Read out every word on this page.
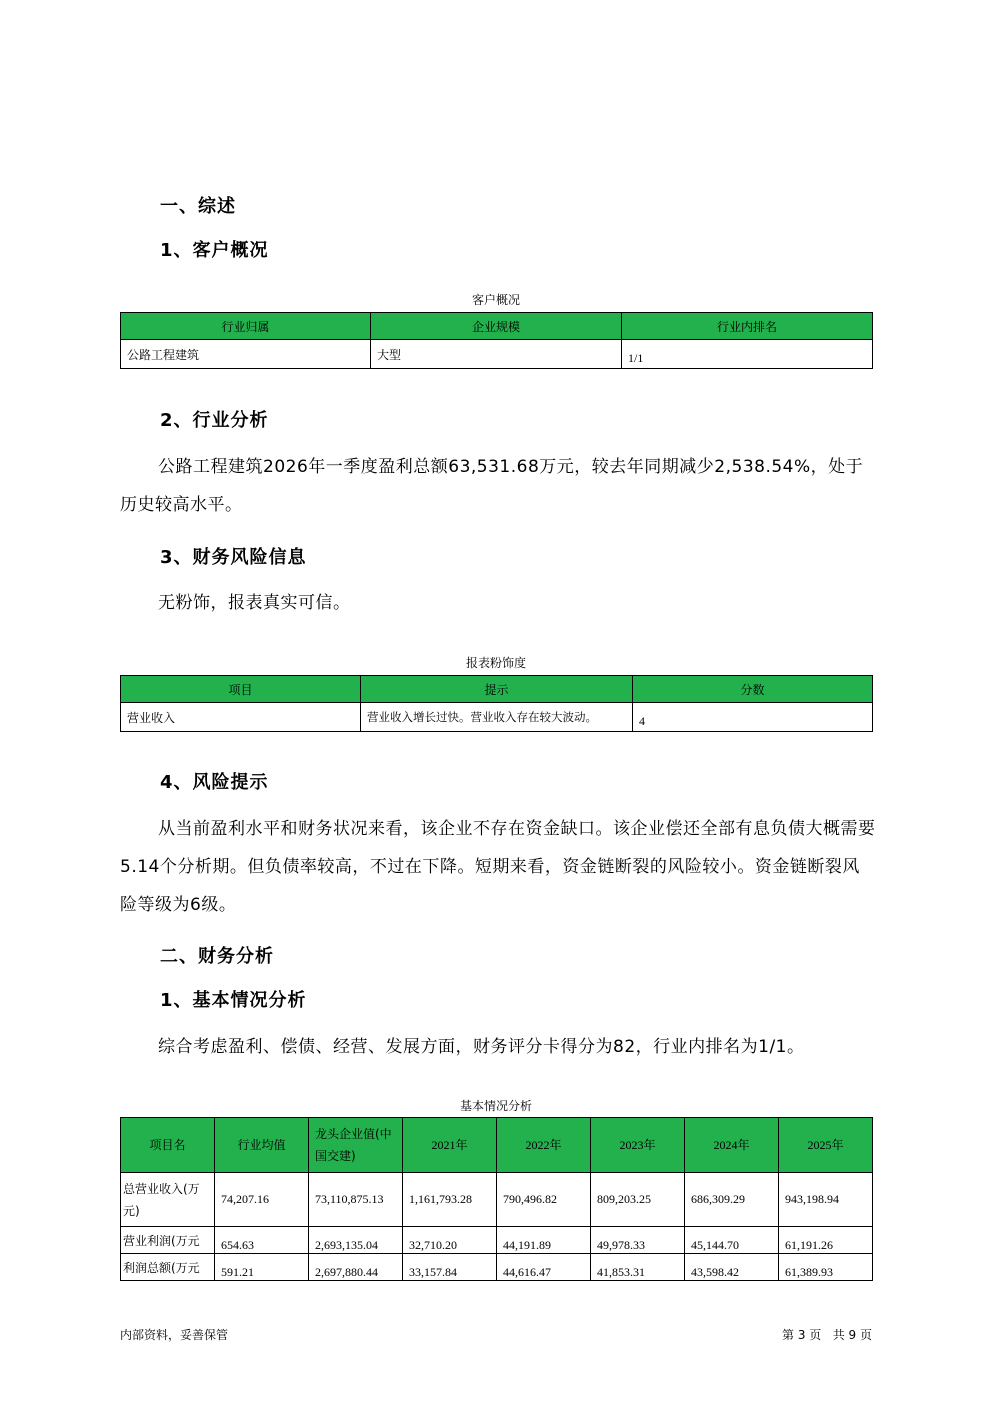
一、综述
1、客户概况
客户概况
行业归属	企业规模	行业内排名
公路工程建筑	大型	1/1
2、行业分析
公路工程建筑2026年一季度盈利总额63,531.68万元，较去年同期减少2,538.54%，处于历史较高水平。
3、财务风险信息
无粉饰，报表真实可信。
报表粉饰度
项目	提示	分数
营业收入	营业收入增长过快。营业收入存在较大波动。	4
4、风险提示
从当前盈利水平和财务状况来看，该企业不存在资金缺口。该企业偿还全部有息负债大概需要 5.14个分析期。但负债率较高，不过在下降。短期来看，资金链断裂的风险较小。资金链断裂风险等级为6级。
二、财务分析
1、基本情况分析
综合考虑盈利、偿债、经营、发展方面，财务评分卡得分为82，行业内排名为1/1。
基本情况分析
项目名	行业均值	龙头企业值(中国交建)	2021年	2022年	2023年	2024年	2025年
总营业收入(万元)	74,207.16	73,110,875.13	1,161,793.28	790,496.82	809,203.25	686,309.29	943,198.94
营业利润(万元	654.63	2,693,135.04	32,710.20	44,191.89	49,978.33	45,144.70	61,191.26
利润总额(万元	591.21	2,697,880.44	33,157.84	44,616.47	41,853.31	43,598.42	61,389.93
内部资料，妥善保管	第 3 页   共 9 页
